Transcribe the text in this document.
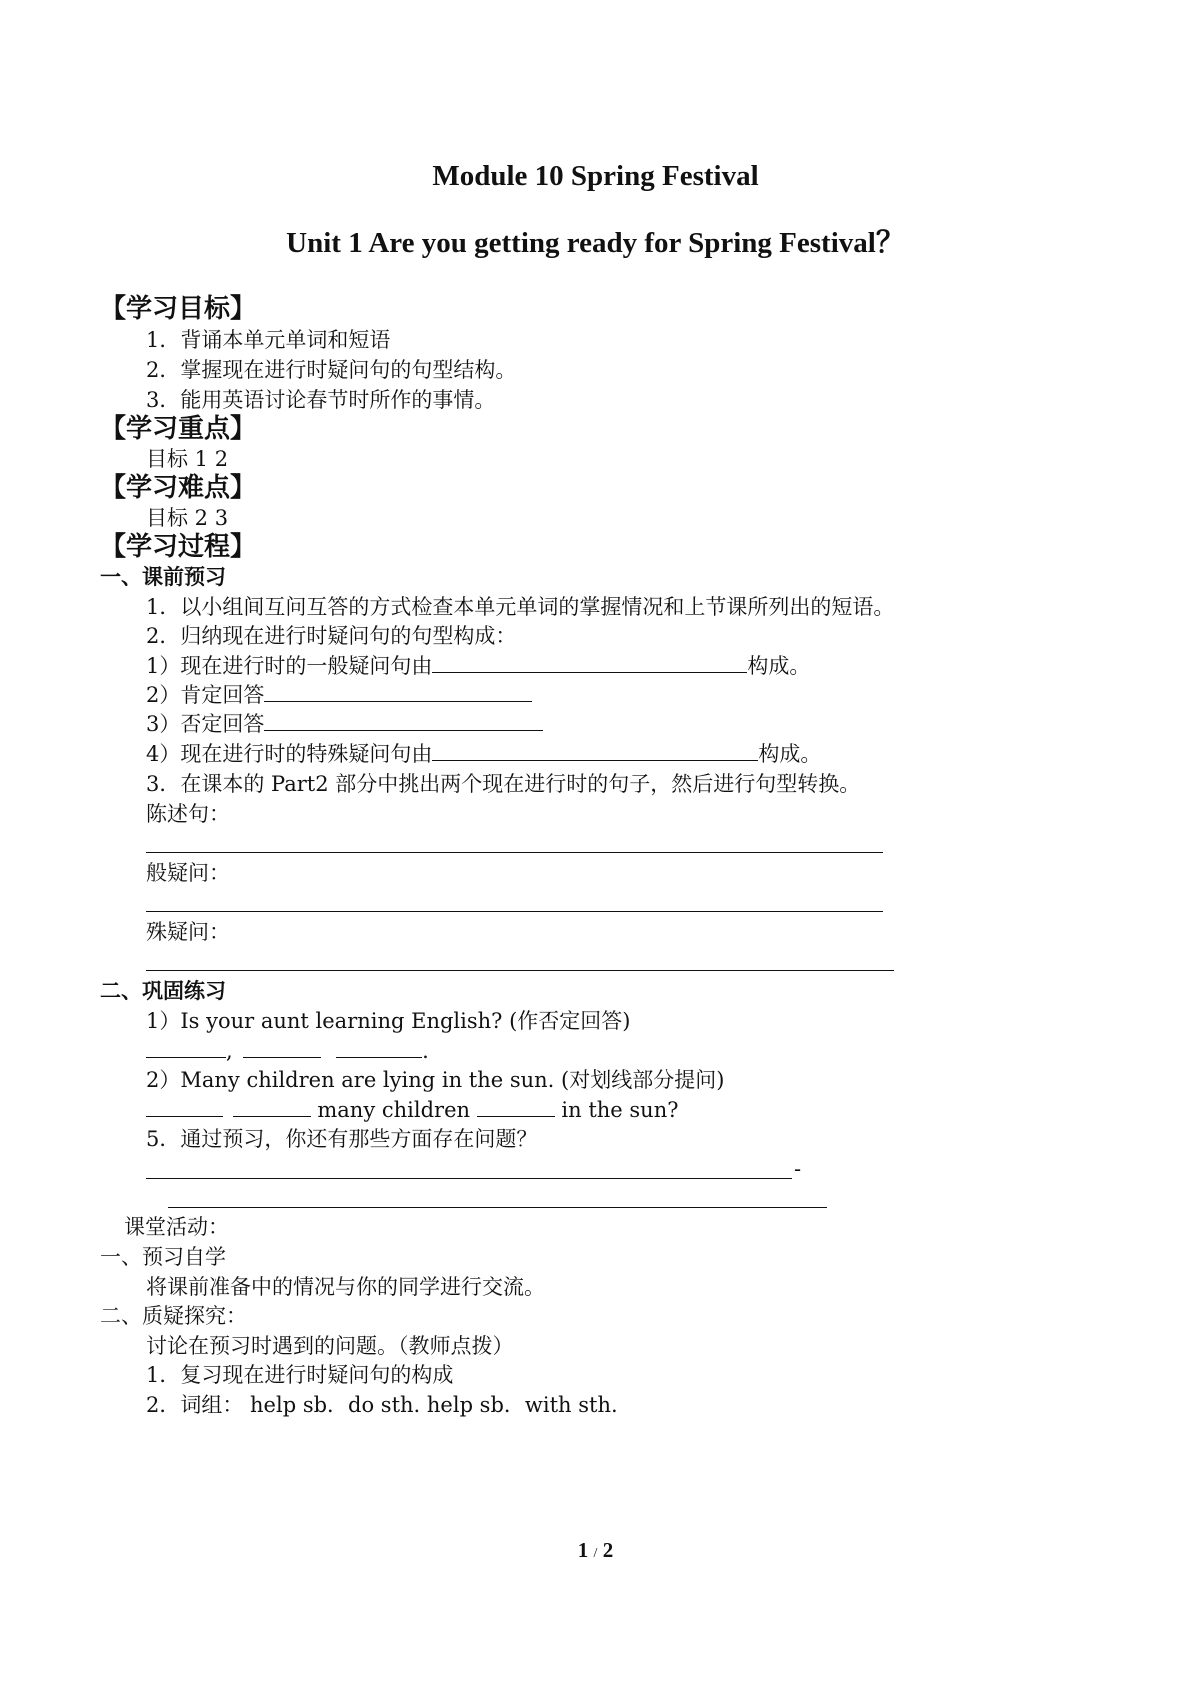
Module 10 Spring Festival
Unit 1 Are you getting ready for Spring Festival？
【学习目标】
1．背诵本单元单词和短语
2．掌握现在进行时疑问句的句型结构。
3．能用英语讨论春节时所作的事情。
【学习重点】
目标 1 2
【学习难点】
目标 2 3
【学习过程】
一、课前预习
1．以小组间互问互答的方式检查本单元单词的掌握情况和上节课所列出的短语。
2．归纳现在进行时疑问句的句型构成：
1）现在进行时的一般疑问句由	构成。
2）肯定回答
3）否定回答
4）现在进行时的特殊疑问句由	构成。
3．在课本的 Part2 部分中挑出两个现在进行时的句子，然后进行句型转换。
陈述句：
般疑问：
殊疑问：
二、巩固练习
1）Is your aunt learning English? (作否定回答)
,	.
2）Many children are lying in the sun. (对划线部分提问)
many children	in the sun?
5．通过预习，你还有那些方面存在问题？
-
课堂活动：
一、预习自学
将课前准备中的情况与你的同学进行交流。
二、质疑探究：
讨论在预习时遇到的问题。（教师点拨）
1．复习现在进行时疑问句的构成
2．词组： help sb．do sth. help sb．with sth.
1 / 2
